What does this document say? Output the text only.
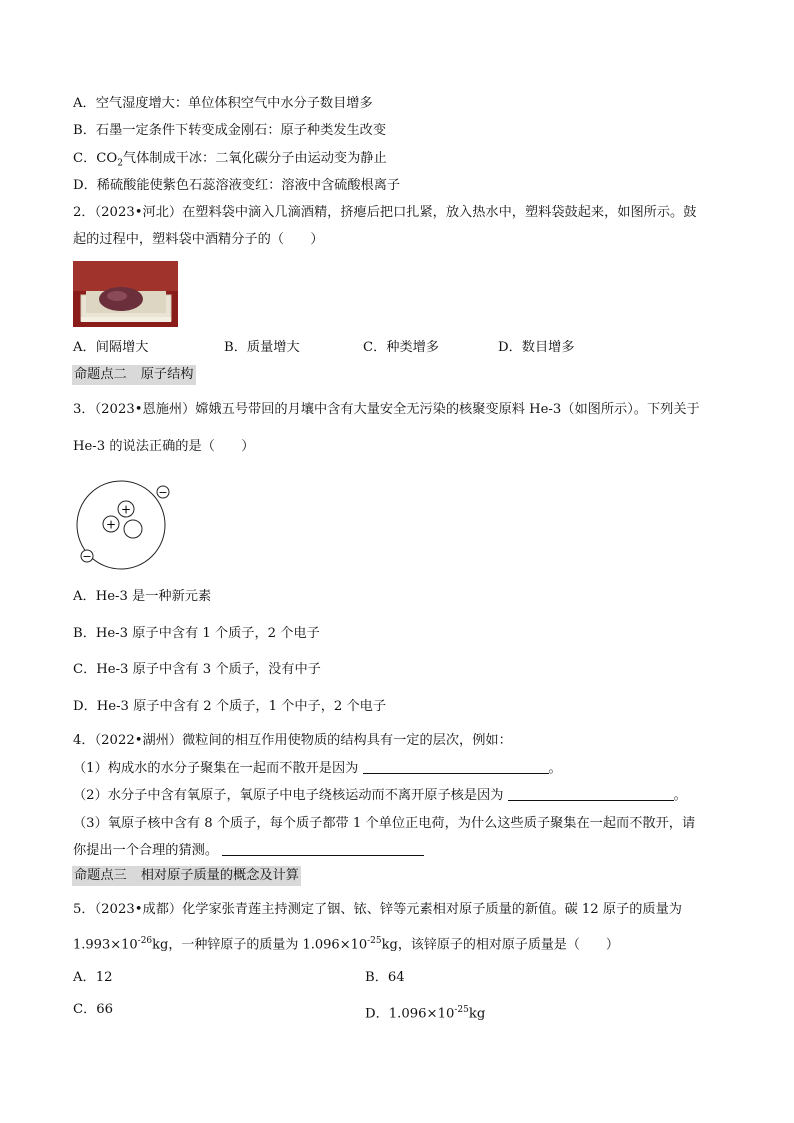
A．空气湿度增大：单位体积空气中水分子数目增多
B．石墨一定条件下转变成金刚石：原子种类发生改变
C．$CO_2$气体制成干冰：二氧化碳分子由运动变为静止
D．稀硫酸能使紫色石蕊溶液变红：溶液中含硫酸根离子
2．（2023•河北）在塑料袋中滴入几滴酒精，挤瘪后把口扎紧，放入热水中，塑料袋鼓起来，如图所示。鼓
起的过程中，塑料袋中酒精分子的（　　）
A．间隔增大	B．质量增大	C．种类增多	D．数目增多
命题点二 原子结构
3．（2023•恩施州）嫦娥五号带回的月壤中含有大量安全无污染的核聚变原料 He-3（如图所示）。下列关于
He-3 的说法正确的是（　　）
+
+
−
−
A．He-3 是一种新元素
B．He-3 原子中含有 1 个质子，2 个电子
C．He-3 原子中含有 3 个质子，没有中子
D．He-3 原子中含有 2 个质子，1 个中子，2 个电子
4．（2022•湖州）微粒间的相互作用使物质的结构具有一定的层次，例如：
（1）构成水的水分子聚集在一起而不散开是因为	。
（2）水分子中含有氧原子，氧原子中电子绕核运动而不离开原子核是因为	。
（3）氧原子核中含有 8 个质子，每个质子都带 1 个单位正电荷，为什么这些质子聚集在一起而不散开，请
你提出一个合理的猜测。
命题点三 相对原子质量的概念及计算
5．（2023•成都）化学家张青莲主持测定了铟、铱、锌等元素相对原子质量的新值。碳 12 原子的质量为
$1.993\times 10^{-26}kg$，一种锌原子的质量为 $1.096\times 10^{-25}kg$，该锌原子的相对原子质量是（　　）
A．12	B．64
C．66	D．$1.096\times 10^{-25}kg$
